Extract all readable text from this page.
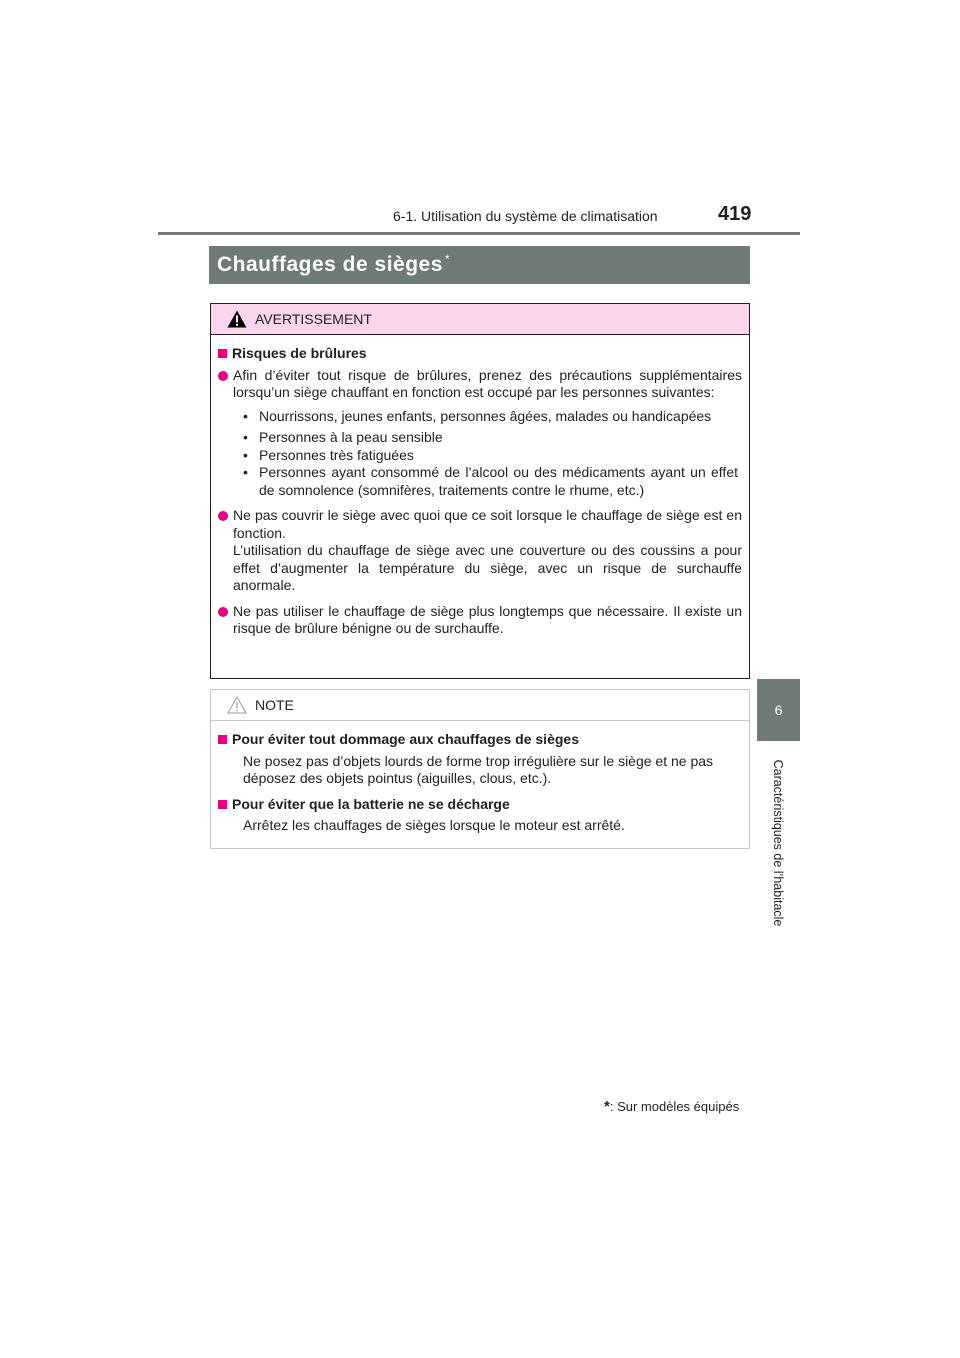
6-1. Utilisation du système de climatisation	419
6
Caractéristiques de l’habitacle
Chauffages de sièges *
AVERTISSEMENT
Risques de brûlures
Afin d’éviter tout risque de brûlures, prenez des précautions supplémentaires lorsqu’un siège chauffant en fonction est occupé par les personnes suivantes:
• Nourrissons, jeunes enfants, personnes âgées, malades ou handicapées
• Personnes à la peau sensible
• Personnes très fatiguées
• Personnes ayant consommé de l’alcool ou des médicaments ayant un effet de somnolence (somnifères, traitements contre le rhume, etc.)
Ne pas couvrir le siège avec quoi que ce soit lorsque le chauffage de siège est en fonction.
L’utilisation du chauffage de siège avec une couverture ou des coussins a pour effet d’augmenter la température du siège, avec un risque de surchauffe anormale.
Ne pas utiliser le chauffage de siège plus longtemps que nécessaire. Il existe un risque de brûlure bénigne ou de surchauffe.
NOTE
Pour éviter tout dommage aux chauffages de sièges
Ne posez pas d’objets lourds de forme trop irrégulière sur le siège et ne pas déposez des objets pointus (aiguilles, clous, etc.).
Pour éviter que la batterie ne se décharge
Arrêtez les chauffages de sièges lorsque le moteur est arrêté.
*: Sur modèles équipés
